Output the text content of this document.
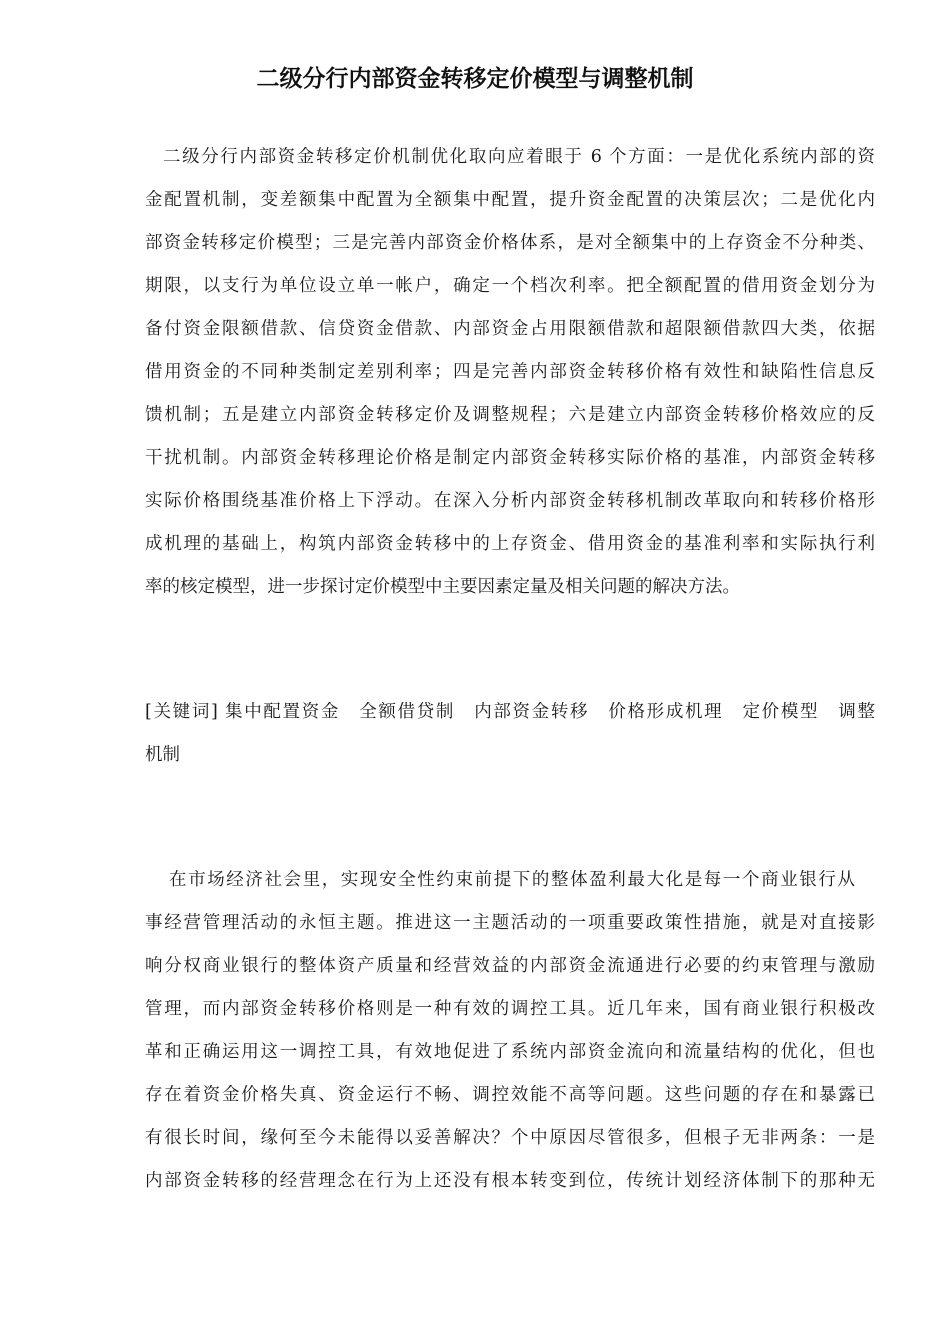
二级分行内部资金转移定价模型与调整机制
二级分行内部资金转移定价机制优化取向应着眼于 6 个方面：一是优化系统内部的资
金配置机制，变差额集中配置为全额集中配置，提升资金配置的决策层次；二是优化内
部资金转移定价模型；三是完善内部资金价格体系，是对全额集中的上存资金不分种类、
期限，以支行为单位设立单一帐户，确定一个档次利率。把全额配置的借用资金划分为
备付资金限额借款、信贷资金借款、内部资金占用限额借款和超限额借款四大类，依据
借用资金的不同种类制定差别利率；四是完善内部资金转移价格有效性和缺陷性信息反
馈机制；五是建立内部资金转移定价及调整规程；六是建立内部资金转移价格效应的反
干扰机制。内部资金转移理论价格是制定内部资金转移实际价格的基准，内部资金转移
实际价格围绕基准价格上下浮动。在深入分析内部资金转移机制改革取向和转移价格形
成机理的基础上，构筑内部资金转移中的上存资金、借用资金的基准利率和实际执行利
率的核定模型，进一步探讨定价模型中主要因素定量及相关问题的解决方法。
[关键词] 集中配置资金　全额借贷制　内部资金转移　价格形成机理　定价模型　调整
机制
在市场经济社会里，实现安全性约束前提下的整体盈利最大化是每一个商业银行从
事经营管理活动的永恒主题。推进这一主题活动的一项重要政策性措施，就是对直接影
响分权商业银行的整体资产质量和经营效益的内部资金流通进行必要的约束管理与激励
管理，而内部资金转移价格则是一种有效的调控工具。近几年来，国有商业银行积极改
革和正确运用这一调控工具，有效地促进了系统内部资金流向和流量结构的优化，但也
存在着资金价格失真、资金运行不畅、调控效能不高等问题。这些问题的存在和暴露已
有很长时间，缘何至今未能得以妥善解决？个中原因尽管很多，但根子无非两条：一是
内部资金转移的经营理念在行为上还没有根本转变到位，传统计划经济体制下的那种无
